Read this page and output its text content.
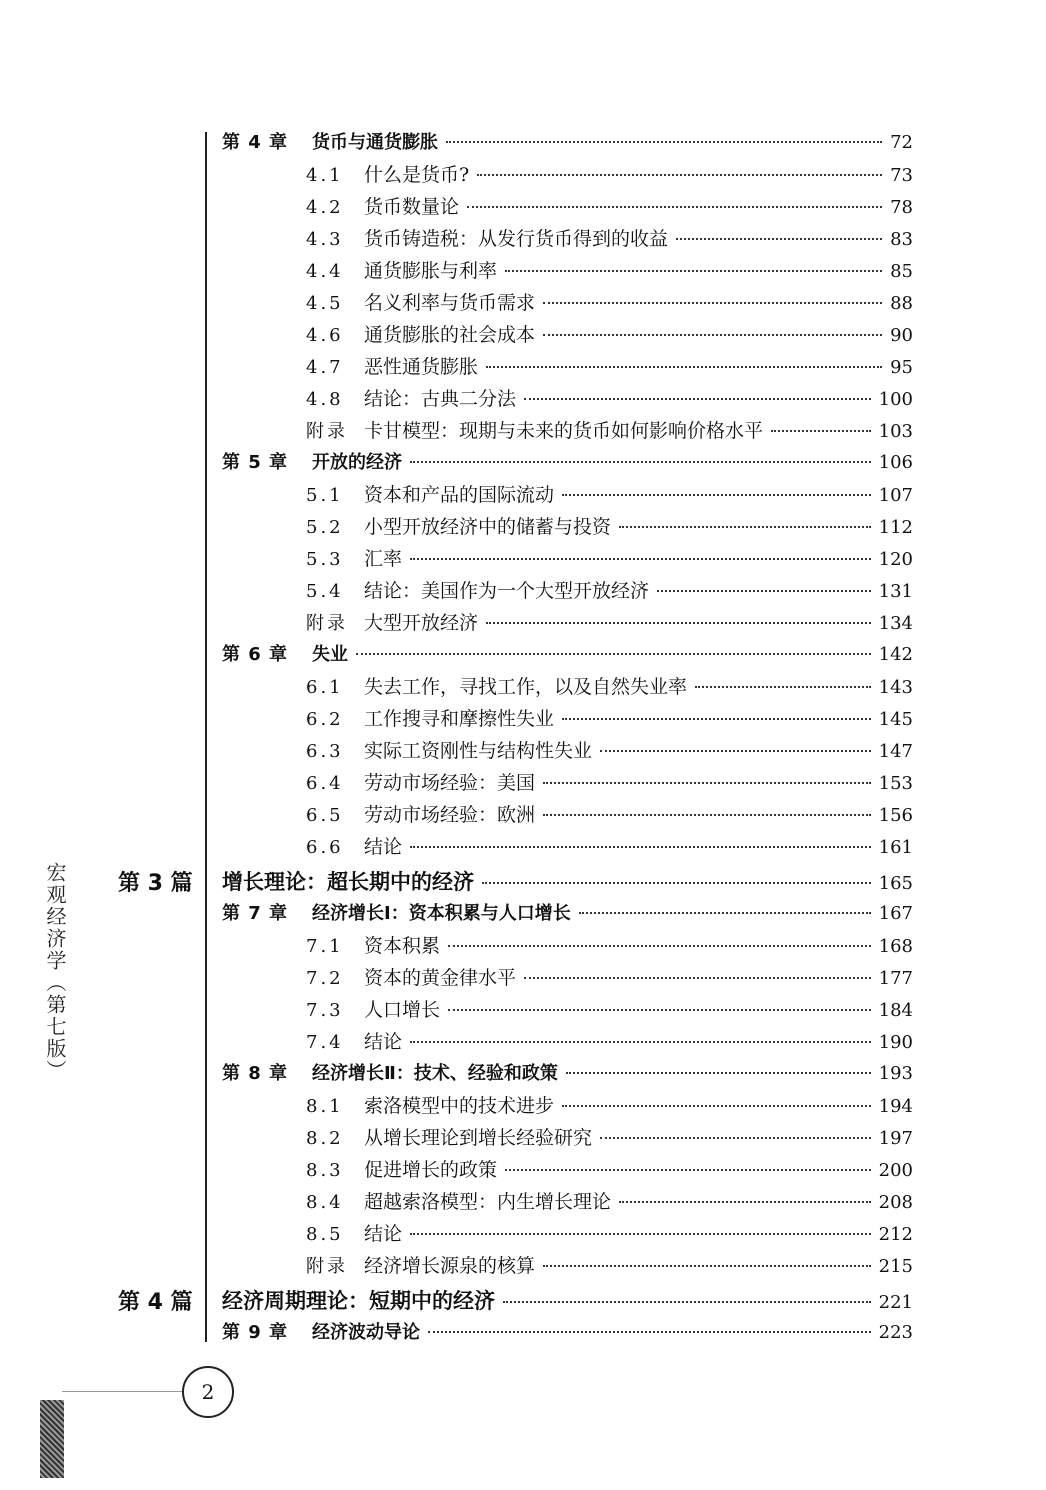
宏观经济学（第七版）
第 4 章	货币与通货膨胀	72
4.1	什么是货币?	73
4.2	货币数量论	78
4.3	货币铸造税：从发行货币得到的收益	83
4.4	通货膨胀与利率	85
4.5	名义利率与货币需求	88
4.6	通货膨胀的社会成本	90
4.7	恶性通货膨胀	95
4.8	结论：古典二分法	100
附录 卡甘模型：现期与未来的货币如何影响价格水平	103
第 5 章	开放的经济	106
5.1	资本和产品的国际流动	107
5.2	小型开放经济中的储蓄与投资	112
5.3	汇率	120
5.4	结论：美国作为一个大型开放经济	131
附录 大型开放经济	134
第 6 章	失业	142
6.1	失去工作，寻找工作，以及自然失业率	143
6.2	工作搜寻和摩擦性失业	145
6.3	实际工资刚性与结构性失业	147
6.4	劳动市场经验：美国	153
6.5	劳动市场经验：欧洲	156
6.6	结论	161
第 3 篇 增长理论：超长期中的经济	165
第 7 章	经济增长Ⅰ：资本积累与人口增长	167
7.1	资本积累	168
7.2	资本的黄金律水平	177
7.3	人口增长	184
7.4	结论	190
第 8 章	经济增长Ⅱ：技术、经验和政策	193
8.1	索洛模型中的技术进步	194
8.2	从增长理论到增长经验研究	197
8.3	促进增长的政策	200
8.4	超越索洛模型：内生增长理论	208
8.5	结论	212
附录 经济增长源泉的核算	215
第 4 篇 经济周期理论：短期中的经济	221
第 9 章	经济波动导论	223
2
